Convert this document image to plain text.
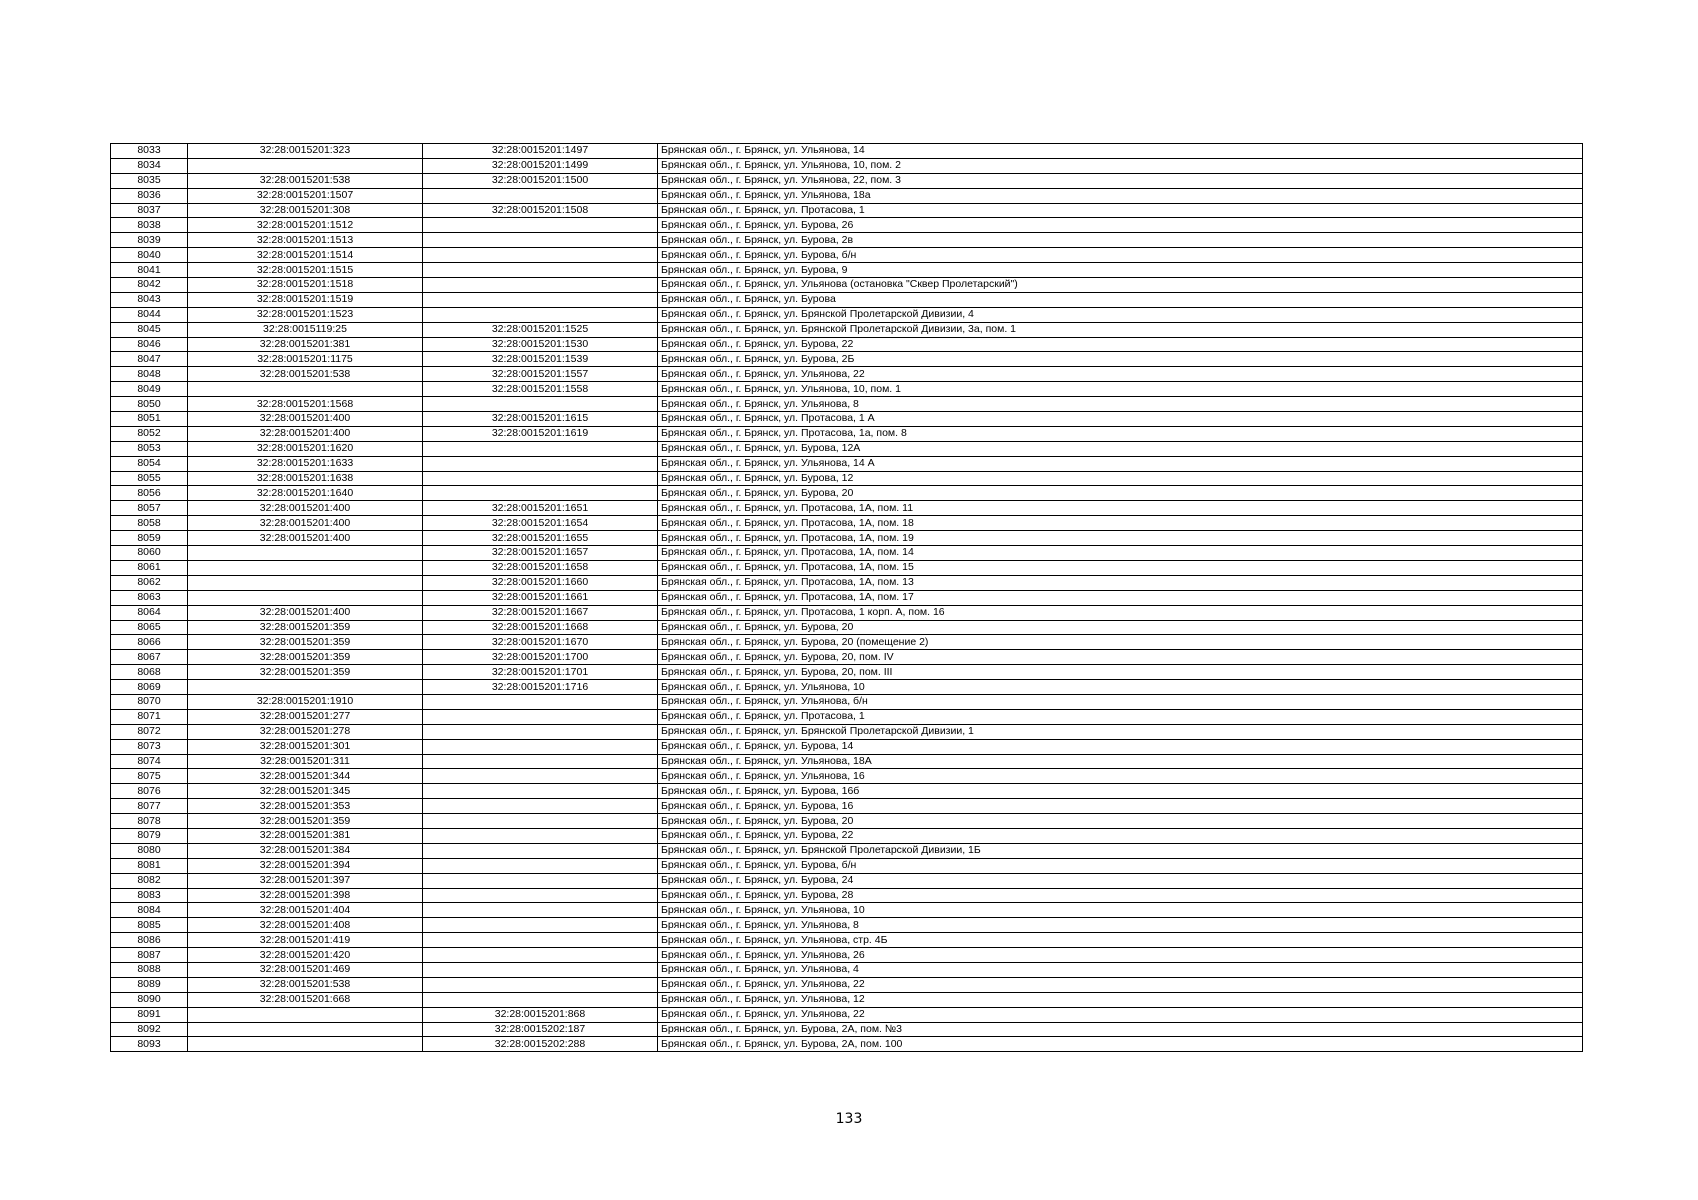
8033	32:28:0015201:323	32:28:0015201:1497	Брянская обл., г. Брянск, ул. Ульянова, 14
8034		32:28:0015201:1499	Брянская обл., г. Брянск, ул. Ульянова, 10, пом. 2
8035	32:28:0015201:538	32:28:0015201:1500	Брянская обл., г. Брянск, ул. Ульянова, 22, пом. 3
8036	32:28:0015201:1507		Брянская обл., г. Брянск, ул. Ульянова, 18а
8037	32:28:0015201:308	32:28:0015201:1508	Брянская обл., г. Брянск, ул. Протасова, 1
8038	32:28:0015201:1512		Брянская обл., г. Брянск, ул. Бурова, 26
8039	32:28:0015201:1513		Брянская обл., г. Брянск, ул. Бурова, 2в
8040	32:28:0015201:1514		Брянская обл., г. Брянск, ул. Бурова, б/н
8041	32:28:0015201:1515		Брянская обл., г. Брянск, ул. Бурова, 9
8042	32:28:0015201:1518		Брянская обл., г. Брянск, ул. Ульянова (остановка "Сквер Пролетарский")
8043	32:28:0015201:1519		Брянская обл., г. Брянск, ул. Бурова
8044	32:28:0015201:1523		Брянская обл., г. Брянск, ул. Брянской Пролетарской Дивизии, 4
8045	32:28:0015119:25	32:28:0015201:1525	Брянская обл., г. Брянск, ул. Брянской Пролетарской Дивизии, 3а, пом. 1
8046	32:28:0015201:381	32:28:0015201:1530	Брянская обл., г. Брянск, ул. Бурова, 22
8047	32:28:0015201:1175	32:28:0015201:1539	Брянская обл., г. Брянск, ул. Бурова, 2Б
8048	32:28:0015201:538	32:28:0015201:1557	Брянская обл., г. Брянск, ул. Ульянова, 22
8049		32:28:0015201:1558	Брянская обл., г. Брянск, ул. Ульянова, 10, пом. 1
8050	32:28:0015201:1568		Брянская обл., г. Брянск, ул. Ульянова, 8
8051	32:28:0015201:400	32:28:0015201:1615	Брянская обл., г. Брянск, ул. Протасова, 1 А
8052	32:28:0015201:400	32:28:0015201:1619	Брянская обл., г. Брянск, ул. Протасова, 1а, пом. 8
8053	32:28:0015201:1620		Брянская обл., г. Брянск, ул. Бурова, 12А
8054	32:28:0015201:1633		Брянская обл., г. Брянск, ул. Ульянова, 14 А
8055	32:28:0015201:1638		Брянская обл., г. Брянск, ул. Бурова, 12
8056	32:28:0015201:1640		Брянская обл., г. Брянск, ул. Бурова, 20
8057	32:28:0015201:400	32:28:0015201:1651	Брянская обл., г. Брянск, ул. Протасова, 1А, пом. 11
8058	32:28:0015201:400	32:28:0015201:1654	Брянская обл., г. Брянск, ул. Протасова, 1А, пом. 18
8059	32:28:0015201:400	32:28:0015201:1655	Брянская обл., г. Брянск, ул. Протасова, 1А, пом. 19
8060		32:28:0015201:1657	Брянская обл., г. Брянск, ул. Протасова, 1А, пом. 14
8061		32:28:0015201:1658	Брянская обл., г. Брянск, ул. Протасова, 1А, пом. 15
8062		32:28:0015201:1660	Брянская обл., г. Брянск, ул. Протасова, 1А, пом. 13
8063		32:28:0015201:1661	Брянская обл., г. Брянск, ул. Протасова, 1А, пом. 17
8064	32:28:0015201:400	32:28:0015201:1667	Брянская обл., г. Брянск, ул. Протасова, 1 корп. А, пом. 16
8065	32:28:0015201:359	32:28:0015201:1668	Брянская обл., г. Брянск, ул. Бурова, 20
8066	32:28:0015201:359	32:28:0015201:1670	Брянская обл., г. Брянск, ул. Бурова, 20 (помещение 2)
8067	32:28:0015201:359	32:28:0015201:1700	Брянская обл., г. Брянск, ул. Бурова, 20, пом. IV
8068	32:28:0015201:359	32:28:0015201:1701	Брянская обл., г. Брянск, ул. Бурова, 20, пом. III
8069		32:28:0015201:1716	Брянская обл., г. Брянск, ул. Ульянова, 10
8070	32:28:0015201:1910		Брянская обл., г. Брянск, ул. Ульянова, б/н
8071	32:28:0015201:277		Брянская обл., г. Брянск, ул. Протасова, 1
8072	32:28:0015201:278		Брянская обл., г. Брянск, ул. Брянской Пролетарской Дивизии, 1
8073	32:28:0015201:301		Брянская обл., г. Брянск, ул. Бурова, 14
8074	32:28:0015201:311		Брянская обл., г. Брянск, ул. Ульянова, 18А
8075	32:28:0015201:344		Брянская обл., г. Брянск, ул. Ульянова, 16
8076	32:28:0015201:345		Брянская обл., г. Брянск, ул. Бурова, 16б
8077	32:28:0015201:353		Брянская обл., г. Брянск, ул. Бурова, 16
8078	32:28:0015201:359		Брянская обл., г. Брянск, ул. Бурова, 20
8079	32:28:0015201:381		Брянская обл., г. Брянск, ул. Бурова, 22
8080	32:28:0015201:384		Брянская обл., г. Брянск, ул. Брянской Пролетарской Дивизии, 1Б
8081	32:28:0015201:394		Брянская обл., г. Брянск, ул. Бурова, б/н
8082	32:28:0015201:397		Брянская обл., г. Брянск, ул. Бурова, 24
8083	32:28:0015201:398		Брянская обл., г. Брянск, ул. Бурова, 28
8084	32:28:0015201:404		Брянская обл., г. Брянск, ул. Ульянова, 10
8085	32:28:0015201:408		Брянская обл., г. Брянск, ул. Ульянова, 8
8086	32:28:0015201:419		Брянская обл., г. Брянск, ул. Ульянова, стр. 4Б
8087	32:28:0015201:420		Брянская обл., г. Брянск, ул. Ульянова, 26
8088	32:28:0015201:469		Брянская обл., г. Брянск, ул. Ульянова, 4
8089	32:28:0015201:538		Брянская обл., г. Брянск, ул. Ульянова, 22
8090	32:28:0015201:668		Брянская обл., г. Брянск, ул. Ульянова, 12
8091		32:28:0015201:868	Брянская обл., г. Брянск, ул. Ульянова, 22
8092		32:28:0015202:187	Брянская обл., г. Брянск, ул. Бурова, 2А, пом. №3
8093		32:28:0015202:288	Брянская обл., г. Брянск, ул. Бурова, 2А, пом. 100
133
